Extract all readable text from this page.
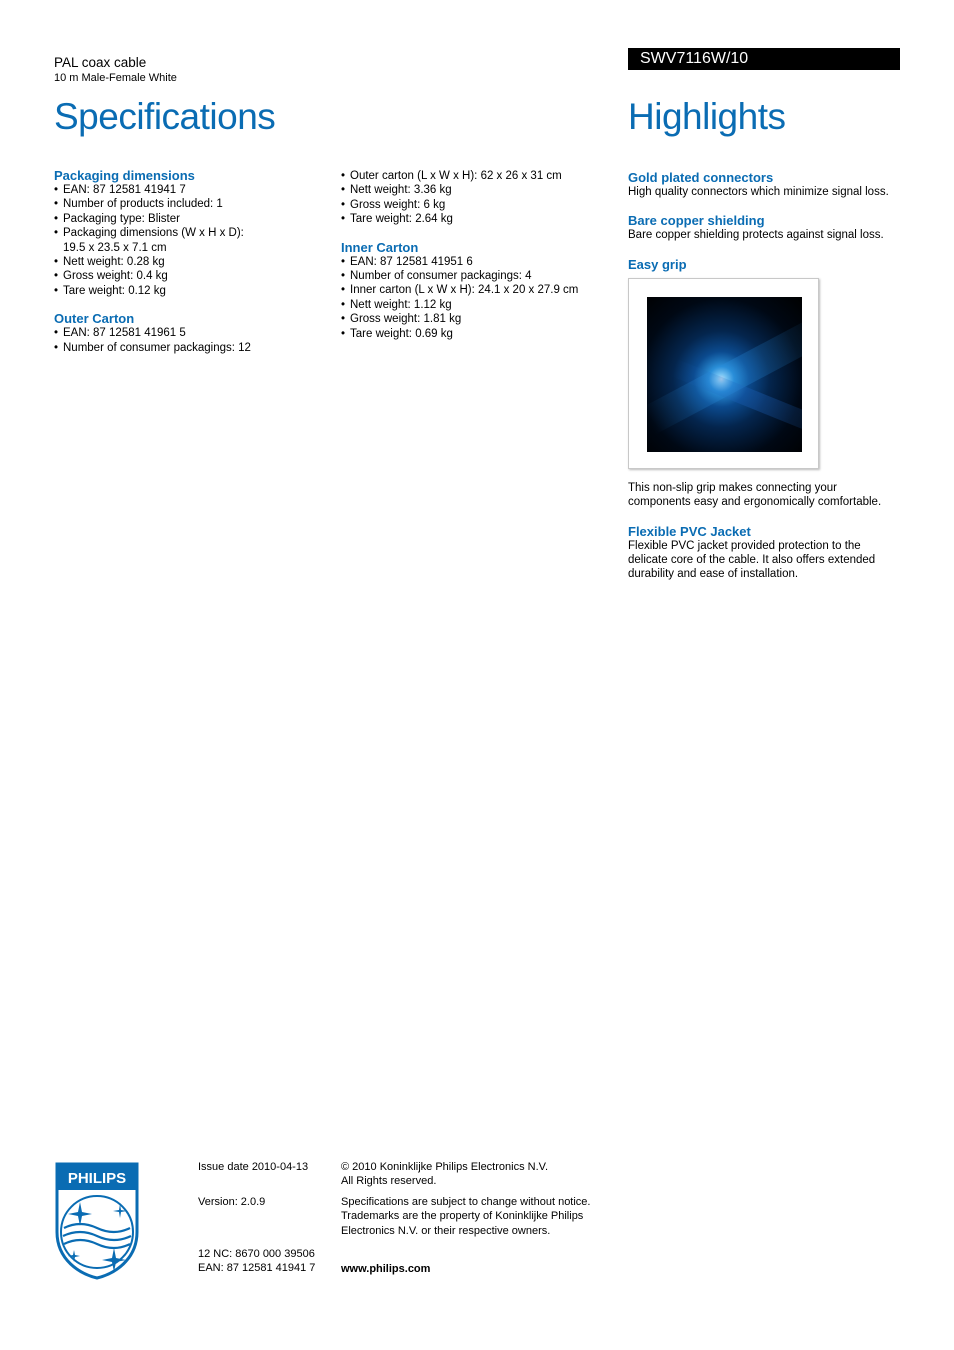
PAL coax cable
10 m Male-Female White
Specifications
SWV7116W/10
Highlights
Packaging dimensions
• EAN: 87 12581 41941 7
• Number of products included: 1
• Packaging type: Blister
• Packaging dimensions (W x H x D):
19.5 x 23.5 x 7.1 cm
• Nett weight: 0.28 kg
• Gross weight: 0.4 kg
• Tare weight: 0.12 kg
Outer Carton
• EAN: 87 12581 41961 5
• Number of consumer packagings: 12
• Outer carton (L x W x H): 62 x 26 x 31 cm
• Nett weight: 3.36 kg
• Gross weight: 6 kg
• Tare weight: 2.64 kg
Inner Carton
• EAN: 87 12581 41951 6
• Number of consumer packagings: 4
• Inner carton (L x W x H): 24.1 x 20 x 27.9 cm
• Nett weight: 1.12 kg
• Gross weight: 1.81 kg
• Tare weight: 0.69 kg
Gold plated connectors
High quality connectors which minimize signal loss.
Bare copper shielding
Bare copper shielding protects against signal loss.
Easy grip
This non-slip grip makes connecting your components easy and ergonomically comfortable.
Flexible PVC Jacket
Flexible PVC jacket provided protection to the delicate core of the cable. It also offers extended durability and ease of installation.
PHILIPS
Issue date 2010-04-13
Version: 2.0.9
12 NC: 8670 000 39506
EAN: 87 12581 41941 7
© 2010 Koninklijke Philips Electronics N.V.
All Rights reserved.
Specifications are subject to change without notice.
Trademarks are the property of Koninklijke Philips
Electronics N.V. or their respective owners.
www.philips.com
